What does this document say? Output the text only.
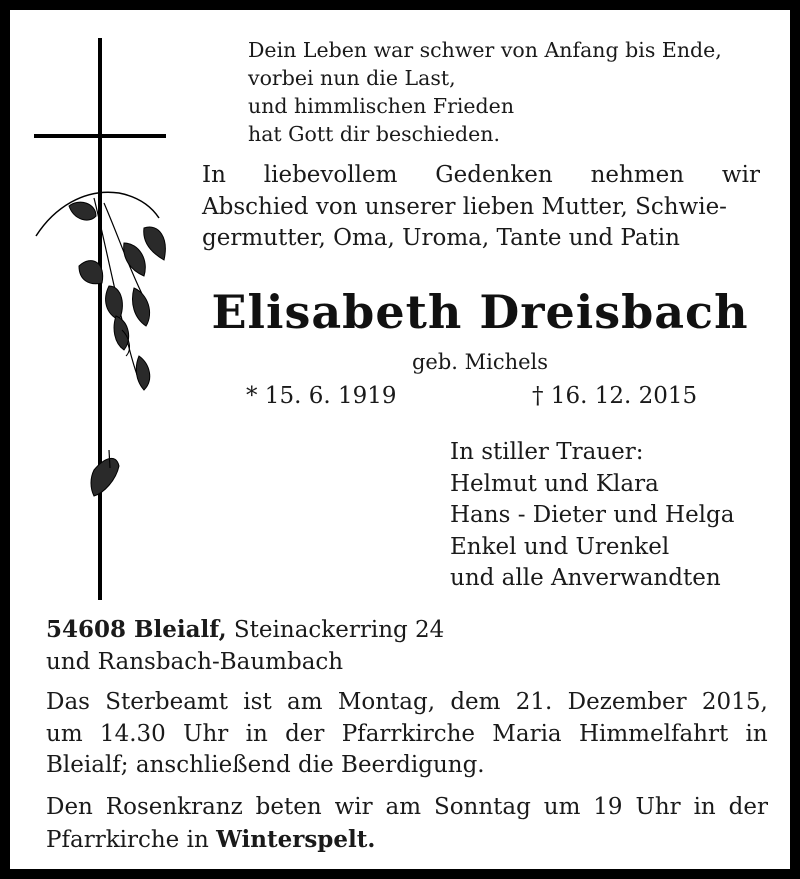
Dein Leben war schwer von Anfang bis Ende,
vorbei nun die Last,
und himmlischen Frieden
hat Gott dir beschieden.
In liebevollem Gedenken nehmen wir
Abschied von unserer lieben Mutter, Schwie-
germutter, Oma, Uroma, Tante und Patin
Elisabeth Dreisbach
geb. Michels
* 15. 6. 1919	† 16. 12. 2015
In stiller Trauer:
Helmut und Klara
Hans - Dieter und Helga
Enkel und Urenkel
und alle Anverwandten
54608 Bleialf, Steinackerring 24
und Ransbach-Baumbach
Das Sterbeamt ist am Montag, dem 21. Dezember 2015,
um 14.30 Uhr in der Pfarrkirche Maria Himmelfahrt in
Bleialf; anschließend die Beerdigung.
Den Rosenkranz beten wir am Sonntag um 19 Uhr in der
Pfarrkirche in Winterspelt.
